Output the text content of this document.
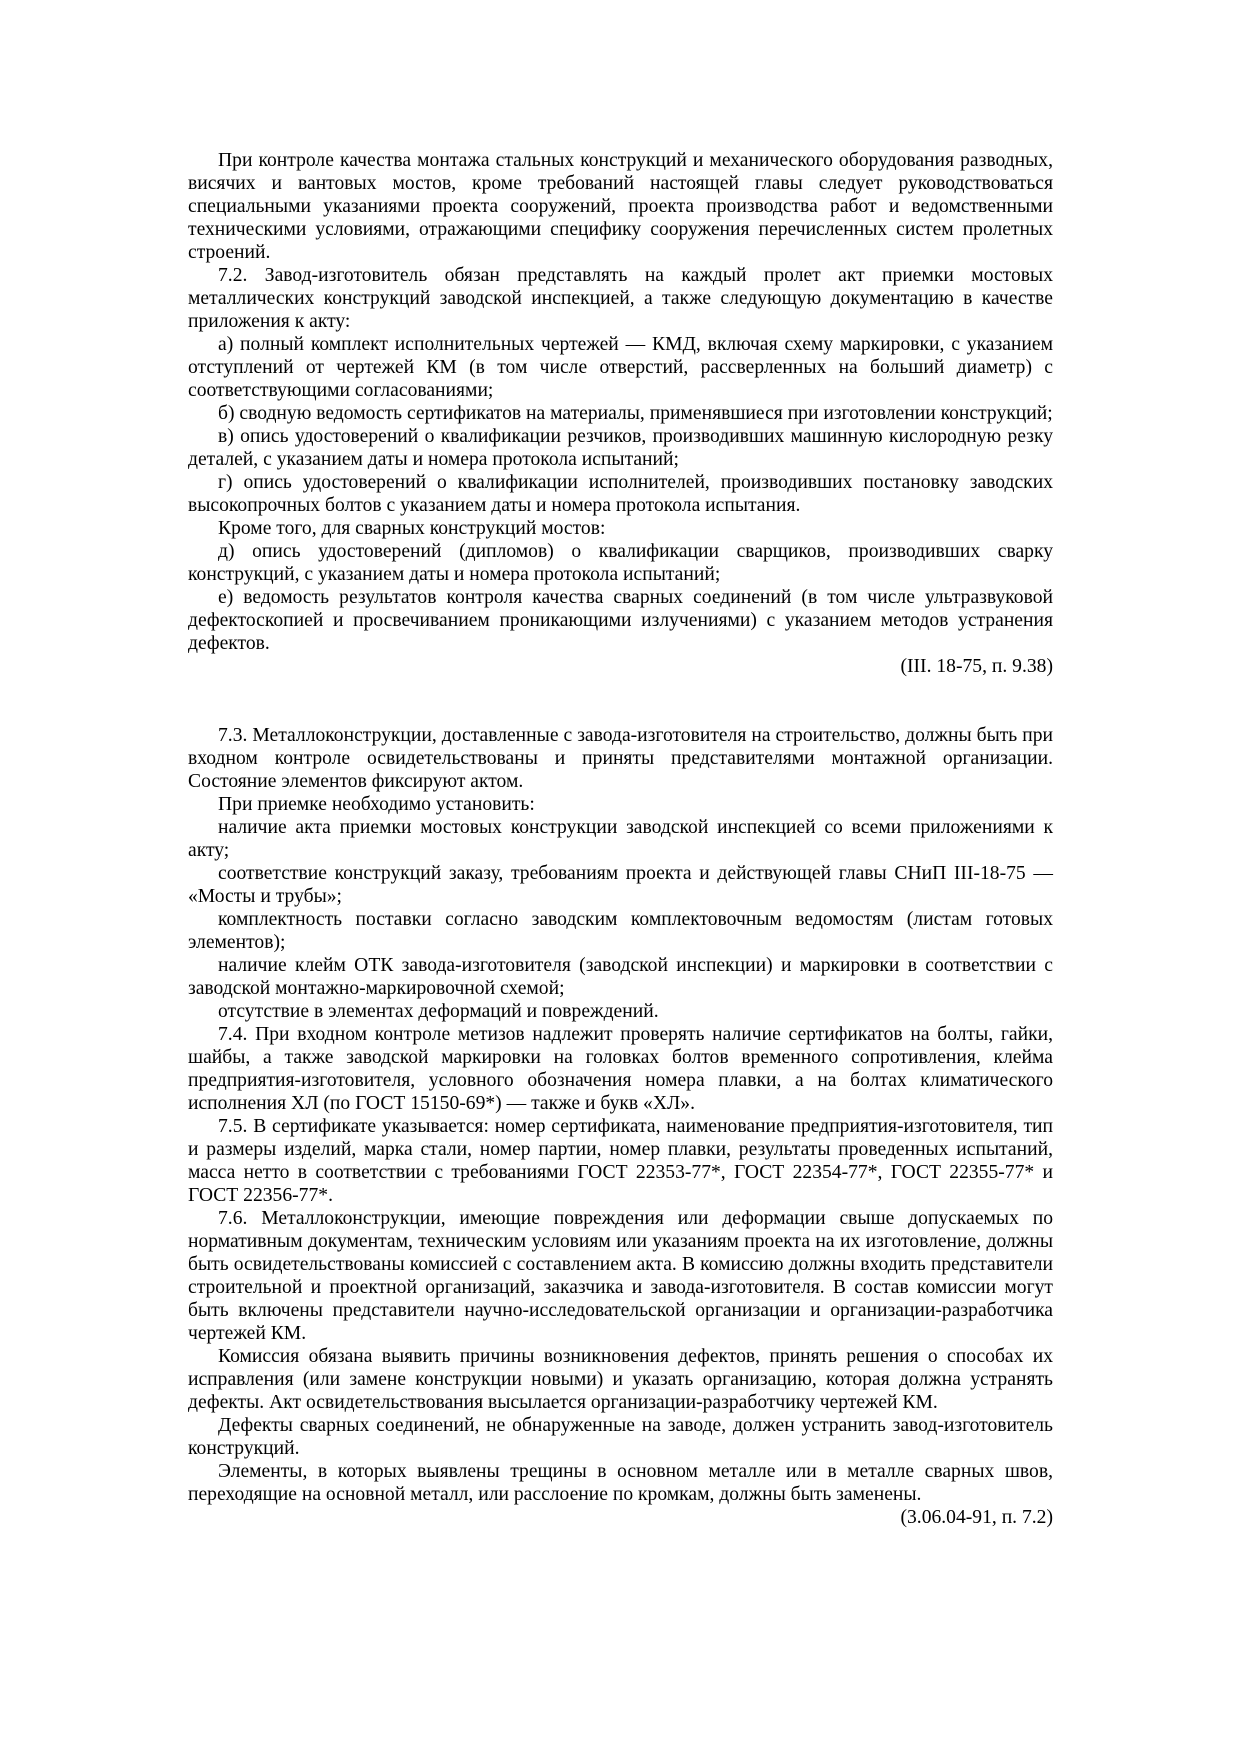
При контроле качества монтажа стальных конструкций и механического оборудования разводных, висячих и вантовых мостов, кроме требований настоящей главы следует руководствоваться специальными указаниями проекта сооружений, проекта производства работ и ведомственными техническими условиями, отражающими специфику сооружения перечисленных систем пролетных строений.

7.2. Завод-изготовитель обязан представлять на каждый пролет акт приемки мостовых металлических конструкций заводской инспекцией, а также следующую документацию в качестве приложения к акту:

а) полный комплект исполнительных чертежей — КМД, включая схему маркировки, с указанием отступлений от чертежей КМ (в том числе отверстий, рассверленных на больший диаметр) с соответствующими согласованиями;

б) сводную ведомость сертификатов на материалы, применявшиеся при изготовлении конструкций;

в) опись удостоверений о квалификации резчиков, производивших машинную кислородную резку деталей, с указанием даты и номера протокола испытаний;

г) опись удостоверений о квалификации исполнителей, производивших постановку заводских высокопрочных болтов с указанием даты и номера протокола испытания.

Кроме того, для сварных конструкций мостов:

д) опись удостоверений (дипломов) о квалификации сварщиков, производивших сварку конструкций, с указанием даты и номера протокола испытаний;

е) ведомость результатов контроля качества сварных соединений (в том числе ультразвуковой дефектоскопией и просвечиванием проникающими излучениями) с указанием методов устранения дефектов.

(III. 18-75, п. 9.38)

7.3. Металлоконструкции, доставленные с завода-изготовителя на строительство, должны быть при входном контроле освидетельствованы и приняты представителями монтажной организации. Состояние элементов фиксируют актом.

При приемке необходимо установить:

наличие акта приемки мостовых конструкции заводской инспекцией со всеми приложениями к акту;

соответствие конструкций заказу, требованиям проекта и действующей главы СНиП III-18-75 — «Мосты и трубы»;

комплектность поставки согласно заводским комплектовочным ведомостям (листам готовых элементов);

наличие клейм ОТК завода-изготовителя (заводской инспекции) и маркировки в соответствии с заводской монтажно-маркировочной схемой;

отсутствие в элементах деформаций и повреждений.

7.4. При входном контроле метизов надлежит проверять наличие сертификатов на болты, гайки, шайбы, а также заводской маркировки на головках болтов временного сопротивления, клейма предприятия-изготовителя, условного обозначения номера плавки, а на болтах климатического исполнения ХЛ (по ГОСТ 15150-69*) — также и букв «ХЛ».

7.5. В сертификате указывается: номер сертификата, наименование предприятия-изготовителя, тип и размеры изделий, марка стали, номер партии, номер плавки, результаты проведенных испытаний, масса нетто в соответствии с требованиями ГОСТ 22353-77*, ГОСТ 22354-77*, ГОСТ 22355-77* и ГОСТ 22356-77*.

7.6. Металлоконструкции, имеющие повреждения или деформации свыше допускаемых по нормативным документам, техническим условиям или указаниям проекта на их изготовление, должны быть освидетельствованы комиссией с составлением акта. В комиссию должны входить представители строительной и проектной организаций, заказчика и завода-изготовителя. В состав комиссии могут быть включены представители научно-исследовательской организации и организации-разработчика чертежей КМ.

Комиссия обязана выявить причины возникновения дефектов, принять решения о способах их исправления (или замене конструкции новыми) и указать организацию, которая должна устранять дефекты. Акт освидетельствования высылается организации-разработчику чертежей КМ.

Дефекты сварных соединений, не обнаруженные на заводе, должен устранить завод-изготовитель конструкций.

Элементы, в которых выявлены трещины в основном металле или в металле сварных швов, переходящие на основной металл, или расслоение по кромкам, должны быть заменены.

(3.06.04-91, п. 7.2)
